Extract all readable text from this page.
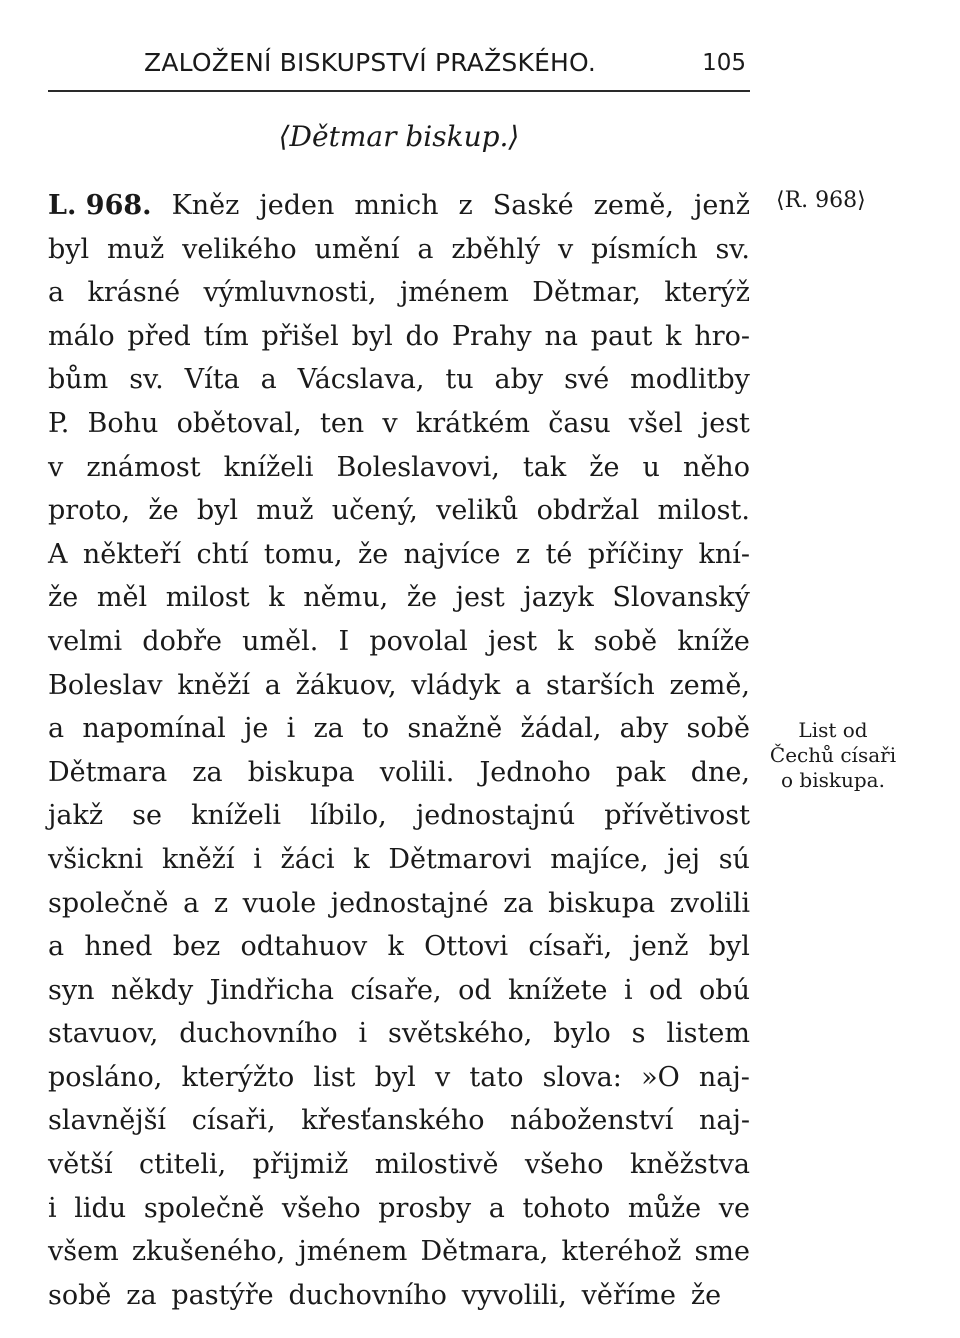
ZALOŽENÍ BISKUPSTVÍ PRAŽSKÉHO.	105
⟨Dětmar biskup.⟩
⟨R. 968⟩
List od
Čechů císaři
o biskupa.
L. 968. Kněz jeden mnich z Saské země, jenž
byl muž velikého umění a zběhlý v písmích sv.
a krásné výmluvnosti, jménem Dětmar, kterýž
málo před tím přišel byl do Prahy na paut k hro-
bům sv. Víta a Vácslava, tu aby své modlitby
P. Bohu obětoval, ten v krátkém času všel jest
v známost kníželi Boleslavovi, tak že u něho
proto, že byl muž učený, veliků obdržal milost.
A někteří chtí tomu, že najvíce z té příčiny kní-
že měl milost k němu, že jest jazyk Slovanský
velmi dobře uměl. I povolal jest k sobě kníže
Boleslav kněží a žákuov, vládyk a starších země,
a napomínal je i za to snažně žádal, aby sobě
Dětmara za biskupa volili. Jednoho pak dne,
jakž se kníželi líbilo, jednostajnú přívětivost
všickni kněží i žáci k Dětmarovi majíce, jej sú
společně a z vuole jednostajné za biskupa zvolili
a hned bez odtahuov k Ottovi císaři, jenž byl
syn někdy Jindřicha císaře, od knížete i od obú
stavuov, duchovního i světského, bylo s listem
posláno, kterýžto list byl v tato slova: »O naj-
slavnější císaři, křesťanského náboženství naj-
větší ctiteli, přijmiž milostivě všeho kněžstva
i lidu společně všeho prosby a tohoto může ve
všem zkušeného, jménem Dětmara, kteréhož sme
sobě za pastýře duchovního vyvolili, věříme že
